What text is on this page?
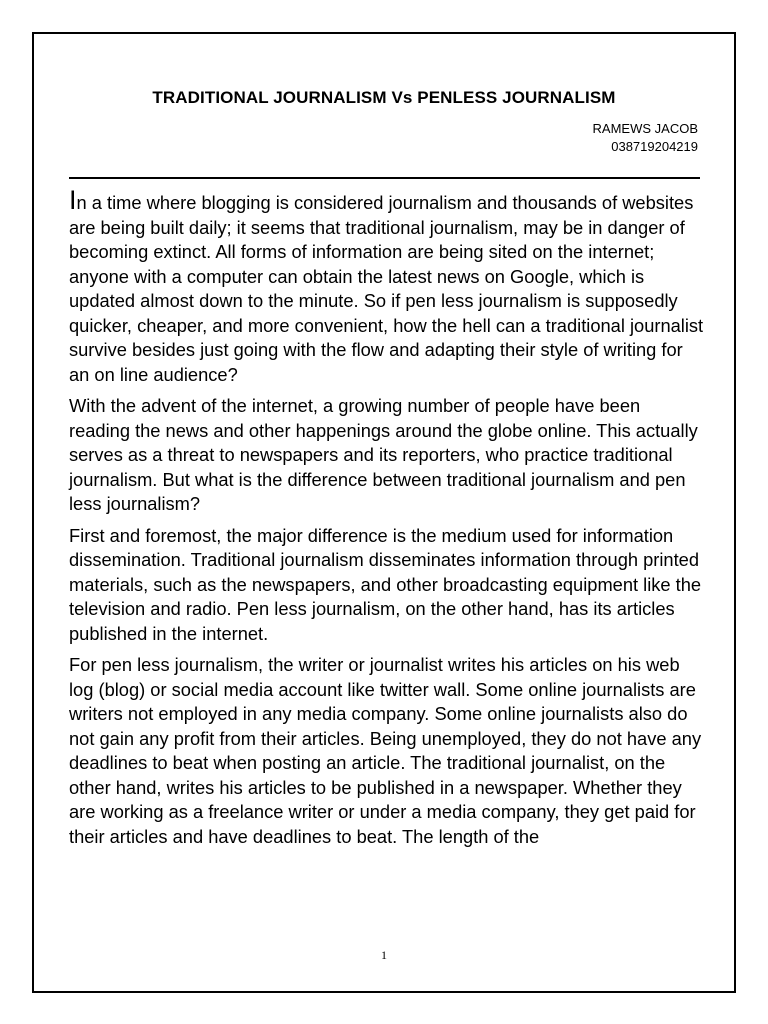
TRADITIONAL JOURNALISM Vs PENLESS JOURNALISM
RAMEWS JACOB
038719204219

In a time where blogging is considered journalism and thousands of websites are being built daily; it seems that traditional journalism, may be in danger of becoming extinct. All forms of information are being sited on the internet; anyone with a computer can obtain the latest news on Google, which is updated almost down to the minute. So if pen less journalism is supposedly quicker, cheaper, and more convenient, how the hell can a traditional journalist survive besides just going with the flow and adapting their style of writing for an on line audience?

With the advent of the internet, a growing number of people have been reading the news and other happenings around the globe online. This actually serves as a threat to newspapers and its reporters, who practice traditional journalism. But what is the difference between traditional journalism and pen less journalism?

First and foremost, the major difference is the medium used for information dissemination. Traditional journalism disseminates information through printed materials, such as the newspapers, and other broadcasting equipment like the television and radio. Pen less journalism, on the other hand, has its articles published in the internet.

For pen less journalism, the writer or journalist writes his articles on his web log (blog) or social media account like twitter wall. Some online journalists are writers not employed in any media company. Some online journalists also do not gain any profit from their articles. Being unemployed, they do not have any deadlines to beat when posting an article. The traditional journalist, on the other hand, writes his articles to be published in a newspaper. Whether they are working as a freelance writer or under a media company, they get paid for their articles and have deadlines to beat. The length of the

1
